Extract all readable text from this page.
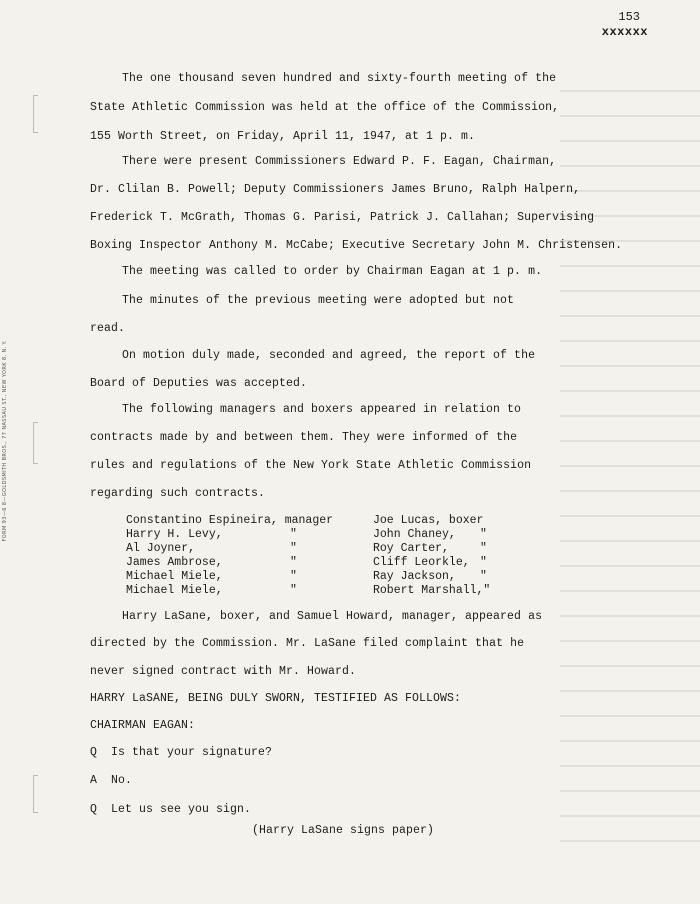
153
xxxxxx
FORM 93—6 8—GOLDSMITH BROS., 77 NASSAU ST., NEW YORK 8, N. Y.
The one thousand seven hundred and sixty-fourth meeting of the
State Athletic Commission was held at the office of the Commission,
155 Worth Street, on Friday, April 11, 1947, at 1 p. m.
There were present Commissioners Edward P. F. Eagan, Chairman,
Dr. Clilan B. Powell; Deputy Commissioners James Bruno, Ralph Halpern,
Frederick T. McGrath, Thomas G. Parisi, Patrick J. Callahan; Supervising
Boxing Inspector Anthony M. McCabe; Executive Secretary John M. Christensen.
The meeting was called to order by Chairman Eagan at 1 p. m.
The minutes of the previous meeting were adopted but not
read.
On motion duly made, seconded and agreed, the report of the
Board of Deputies was accepted.
The following managers and boxers appeared in relation to
contracts made by and between them. They were informed of the
rules and regulations of the New York State Athletic Commission
regarding such contracts.
Constantino Espineira, manager	Joe Lucas, boxer
Harry H. Levy,	"	John Chaney, "
Al Joyner,	"	Roy Carter,	"
James Ambrose,	"	Cliff Leorkle, "
Michael Miele,	"	Ray Jackson, "
Michael Miele,	"	Robert Marshall,"
Harry LaSane, boxer, and Samuel Howard, manager, appeared as
directed by the Commission. Mr. LaSane filed complaint that he
never signed contract with Mr. Howard.
HARRY LaSANE, BEING DULY SWORN, TESTIFIED AS FOLLOWS:
CHAIRMAN EAGAN:
Q  Is that your signature?
A  No.
Q  Let us see you sign.
(Harry LaSane signs paper)
